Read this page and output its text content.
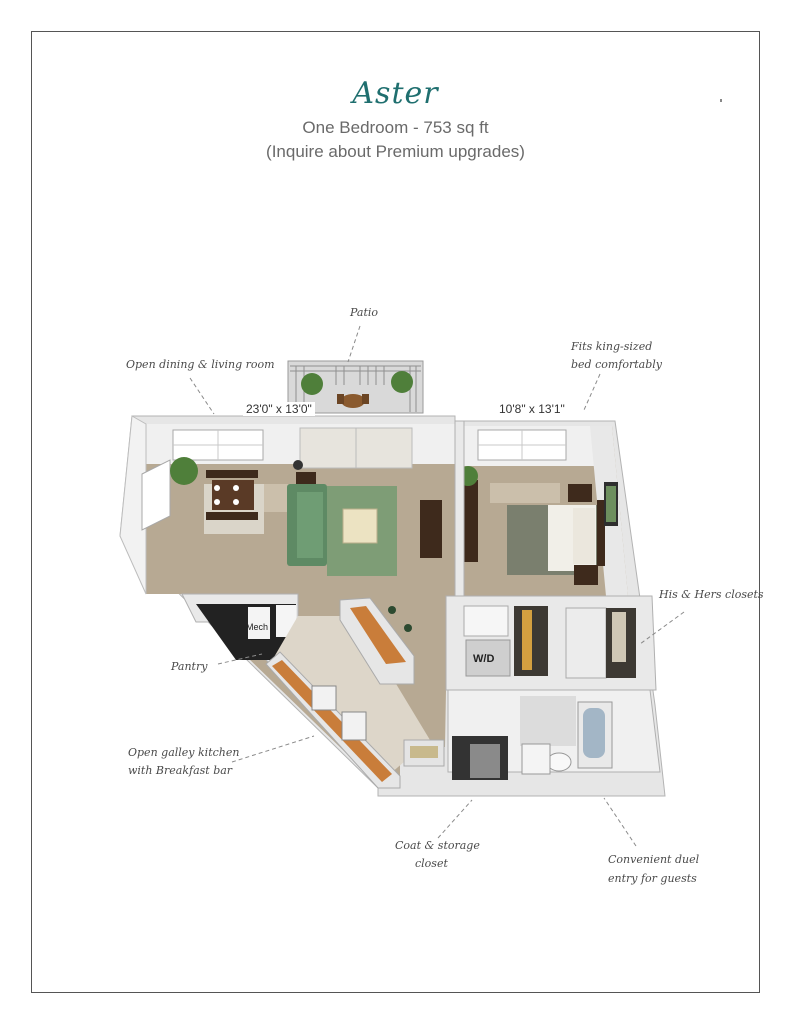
Aster
One Bedroom - 753 sq ft
(Inquire about Premium upgrades)
23'0" x 13'0"	10'8" x 13'1"
Mech
W/D
Patio
Open dining & living room
Fits king-sized
bed comfortably
His & Hers closets
Pantry
Open galley kitchen
with Breakfast bar
Coat & storage
closet	Convenient duel
entry for guests
